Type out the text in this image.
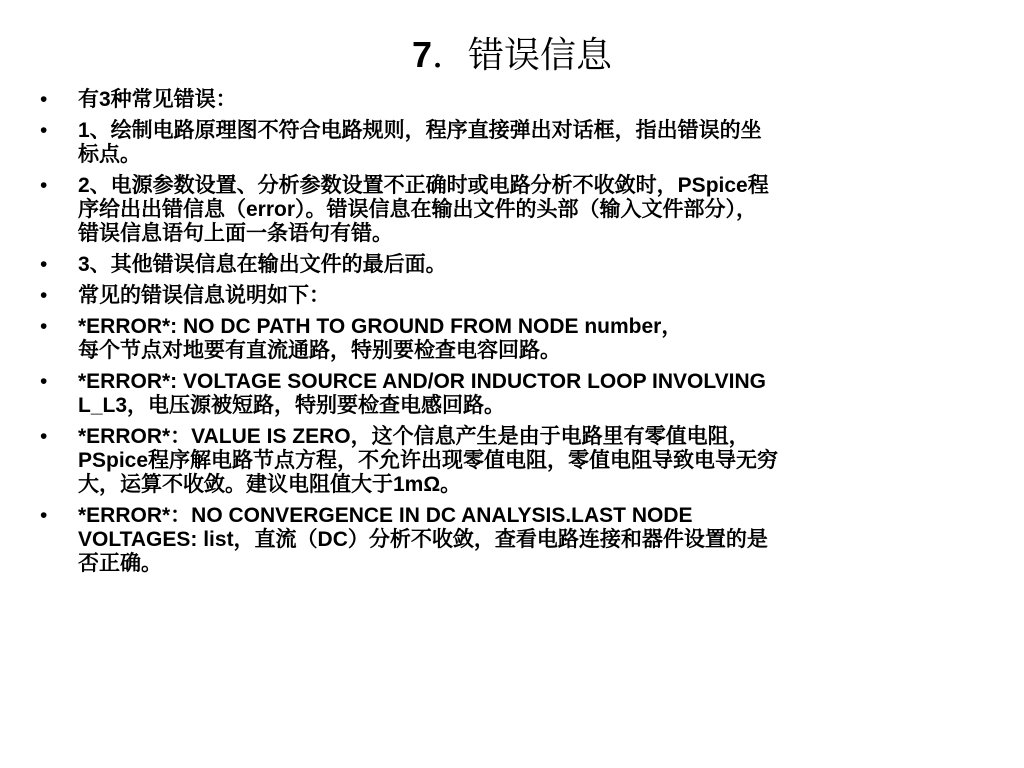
7．错误信息
•	有3种常见错误：
•	1、绘制电路原理图不符合电路规则，程序直接弹出对话框，指出错误的坐
标点。
•	2、电源参数设置、分析参数设置不正确时或电路分析不收敛时，PSpice程
序给出出错信息（error）。错误信息在输出文件的头部（输入文件部分），
错误信息语句上面一条语句有错。
•	3、其他错误信息在输出文件的最后面。
•	常见的错误信息说明如下：
•	*ERROR*: NO DC PATH TO GROUND FROM NODE number，
每个节点对地要有直流通路，特别要检查电容回路。
•	*ERROR*: VOLTAGE SOURCE AND/OR INDUCTOR LOOP INVOLVING
L_L3，电压源被短路，特别要检查电感回路。
•	*ERROR*：VALUE IS ZERO，这个信息产生是由于电路里有零值电阻，
PSpice程序解电路节点方程，不允许出现零值电阻，零值电阻导致电导无穷
大，运算不收敛。建议电阻值大于1mΩ。
•	*ERROR*：NO CONVERGENCE IN DC ANALYSIS.LAST NODE
VOLTAGES: list，直流（DC）分析不收敛，查看电路连接和器件设置的是
否正确。
